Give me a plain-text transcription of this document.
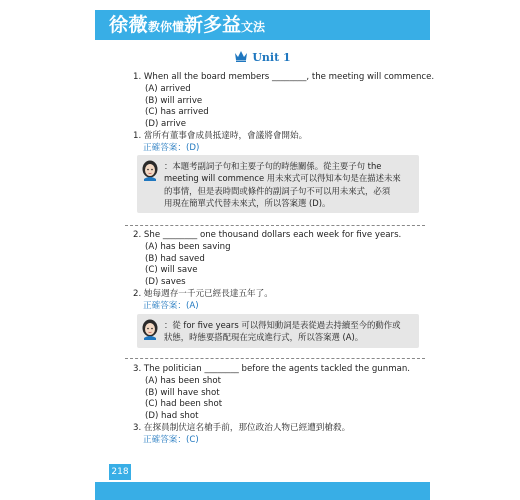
徐薇教你懂新多益文法
Unit 1
1. When all the board members ________, the meeting will commence.
(A) arrived
(B) will arrive
(C) has arrived
(D) arrive
1. 當所有董事會成員抵達時，會議將會開始。
正確答案：(D)
：本題考副詞子句和主要子句的時態關係。從主要子句 the
meeting will commence 用未來式可以得知本句是在描述未來
的事情，但是表時間或條件的副詞子句不可以用未來式，必須
用現在簡單式代替未來式，所以答案選 (D)。
2. She ________ one thousand dollars each week for five years.
(A) has been saving
(B) had saved
(C) will save
(D) saves
2. 她每週存一千元已經長達五年了。
正確答案：(A)
：從 for five years 可以得知動詞是表從過去持續至今的動作或
狀態，時態要搭配現在完成進行式，所以答案選 (A)。
3. The politician ________ before the agents tackled the gunman.
(A) has been shot
(B) will have shot
(C) had been shot
(D) had shot
3. 在探員制伏這名槍手前，那位政治人物已經遭到槍殺。
正確答案：(C)
218
